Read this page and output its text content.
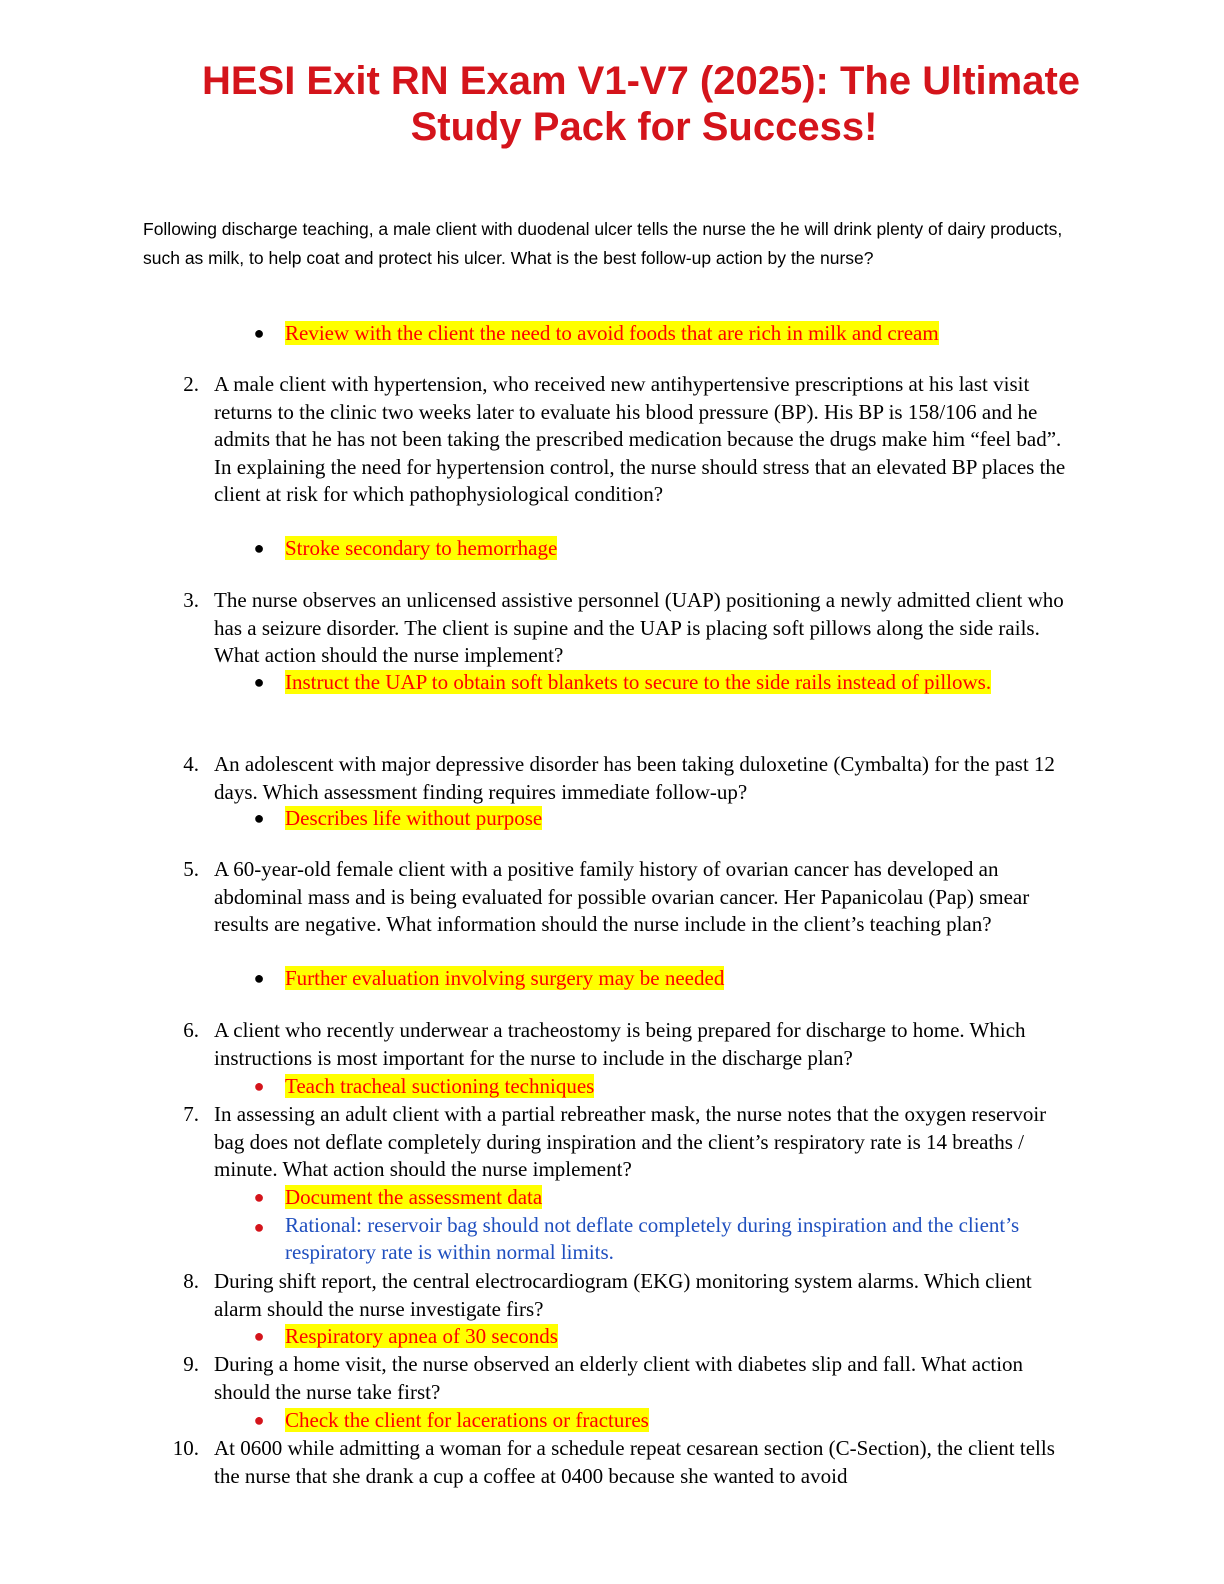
HESI Exit RN Exam V1-V7 (2025): The Ultimate
Study Pack for Success!
Following discharge teaching, a male client with duodenal ulcer tells the nurse the he will drink plenty of dairy products, such as milk, to help coat and protect his ulcer. What is the best follow-up action by the nurse?
● Review with the client the need to avoid foods that are rich in milk and cream
2. A male client with hypertension, who received new antihypertensive prescriptions at his last visit returns to the clinic two weeks later to evaluate his blood pressure (BP). His BP is 158/106 and he admits that he has not been taking the prescribed medication because the drugs make him “feel bad”. In explaining the need for hypertension control, the nurse should stress that an elevated BP places the client at risk for which pathophysiological condition?
● Stroke secondary to hemorrhage
3. The nurse observes an unlicensed assistive personnel (UAP) positioning a newly admitted client who has a seizure disorder. The client is supine and the UAP is placing soft pillows along the side rails. What action should the nurse implement?
● Instruct the UAP to obtain soft blankets to secure to the side rails instead of pillows.
4. An adolescent with major depressive disorder has been taking duloxetine (Cymbalta) for the past 12 days. Which assessment finding requires immediate follow-up?
● Describes life without purpose
5. A 60-year-old female client with a positive family history of ovarian cancer has developed an abdominal mass and is being evaluated for possible ovarian cancer. Her Papanicolau (Pap) smear results are negative. What information should the nurse include in the client’s teaching plan?
● Further evaluation involving surgery may be needed
6. A client who recently underwear a tracheostomy is being prepared for discharge to home. Which instructions is most important for the nurse to include in the discharge plan?
● Teach tracheal suctioning techniques
7. In assessing an adult client with a partial rebreather mask, the nurse notes that the oxygen reservoir bag does not deflate completely during inspiration and the client’s respiratory rate is 14 breaths / minute. What action should the nurse implement?
● Document the assessment data
● Rational: reservoir bag should not deflate completely during inspiration and the client’s respiratory rate is within normal limits.
8. During shift report, the central electrocardiogram (EKG) monitoring system alarms. Which client alarm should the nurse investigate firs?
● Respiratory apnea of 30 seconds
9. During a home visit, the nurse observed an elderly client with diabetes slip and fall. What action should the nurse take first?
● Check the client for lacerations or fractures
10. At 0600 while admitting a woman for a schedule repeat cesarean section (C-Section), the client tells the nurse that she drank a cup a coffee at 0400 because she wanted to avoid
